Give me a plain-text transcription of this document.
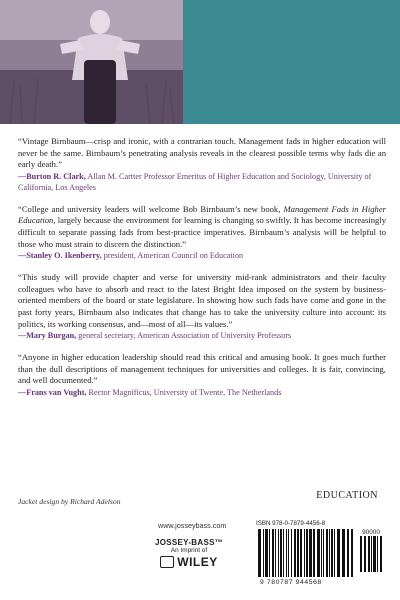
“Vintage Birnbaum—crisp and ironic, with a contrarian touch. Management fads in higher education will never be the same. Birnbaum’s penetrating analysis reveals in the clearest possible terms why fads die an early death.”

—Burton R. Clark, Allan M. Cartter Professor Emeritus of Higher Education and Sociology, University of California, Los Angeles

“College and university leaders will welcome Bob Birnbaum’s new book, Management Fads in Higher Education, largely because the environment for learning is changing so swiftly. It has become increasingly difficult to separate passing fads from best-practice imperatives. Birnbaum’s analysis will be helpful to those who must strain to discern the distinction.”

—Stanley O. Ikenberry, president, American Council on Education

“This study will provide chapter and verse for university mid-rank administrators and their faculty colleagues who have to absorb and react to the latest Bright Idea imposed on the system by business-oriented members of the board or state legislature. In showing how such fads have come and gone in the past forty years, Birnbaum also indicates that change has to take the university culture into account: its politics, its working consensus, and—most of all—its values.”

—Mary Burgan, general secretary, American Association of University Professors

“Anyone in higher education leadership should read this critical and amusing book. It goes much further than the dull descriptions of management techniques for universities and colleges. It is fair, convincing, and well documented.”

—Frans van Vught, Rector Magnificus, University of Twente, The Netherlands

Jacket design by Richard Adelson
EDUCATION
www.josseybass.com
JOSSEY-BASS™
An Imprint of
WILEY
ISBN 978-0-7879-4456-8
90000
9 780787 944568
